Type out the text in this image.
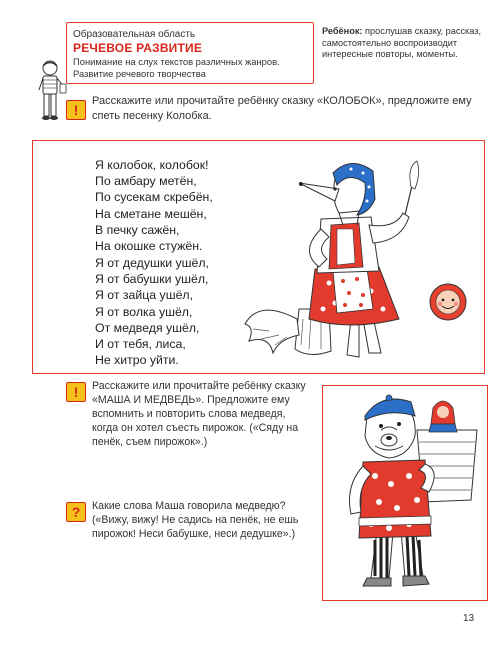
Образовательная область
РЕЧЕВОЕ РАЗВИТИЕ
Понимание на слух текстов различных жанров. Развитие речевого творчества
Ребёнок: прослушав сказку, рассказ, самостоятельно воспроизводит интересные повторы, моменты.
!
Расскажите или прочитайте ребёнку сказку «КОЛОБОК», предложите ему спеть песенку Колобка.
Я колобок, колобок!
По амбару метён,
По сусекам скребён,
На сметане мешён,
В печку сажён,
На окошке стужён.
Я от дедушки ушёл,
Я от бабушки ушёл,
Я от зайца ушёл,
Я от волка ушёл,
От медведя ушёл,
И от тебя, лиса,
Не хитро уйти.
!	Расскажите или прочитайте ребёнку сказку «МАША И МЕДВЕДЬ». Предложите ему вспомнить и повторить слова медведя, когда он хотел съесть пирожок. («Сяду на пенёк, съем пирожок».)
?	Какие слова Маша говорила медведю? («Вижу, вижу! Не садись на пенёк, не ешь пирожок! Неси бабушке, неси дедушке».)
13
